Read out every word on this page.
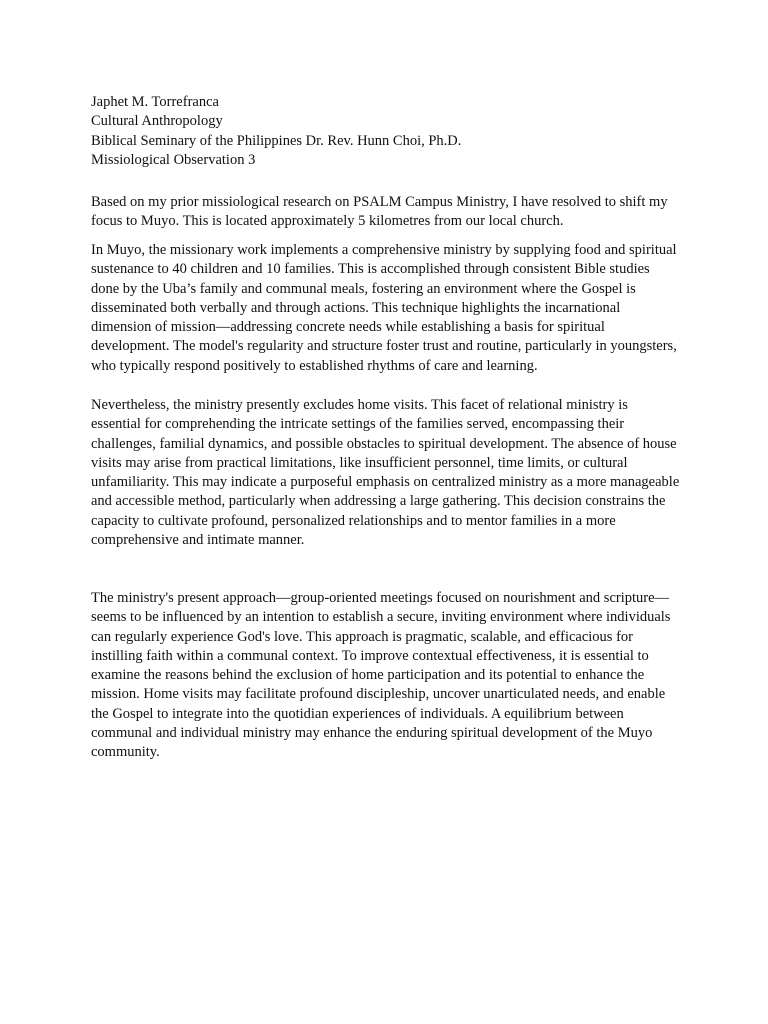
Japhet M. Torrefranca
Cultural Anthropology
Biblical Seminary of the Philippines Dr. Rev. Hunn Choi, Ph.D.
Missiological Observation 3

Based on my prior missiological research on PSALM Campus Ministry, I have resolved to shift my focus to Muyo. This is located approximately 5 kilometres from our local church.

In Muyo, the missionary work implements a comprehensive ministry by supplying food and spiritual sustenance to 40 children and 10 families. This is accomplished through consistent Bible studies done by the Uba’s family and communal meals, fostering an environment where the Gospel is disseminated both verbally and through actions. This technique highlights the incarnational dimension of mission—addressing concrete needs while establishing a basis for spiritual development. The model's regularity and structure foster trust and routine, particularly in youngsters, who typically respond positively to established rhythms of care and learning.

Nevertheless, the ministry presently excludes home visits. This facet of relational ministry is essential for comprehending the intricate settings of the families served, encompassing their challenges, familial dynamics, and possible obstacles to spiritual development. The absence of house visits may arise from practical limitations, like insufficient personnel, time limits, or cultural unfamiliarity. This may indicate a purposeful emphasis on centralized ministry as a more manageable and accessible method, particularly when addressing a large gathering. This decision constrains the capacity to cultivate profound, personalized relationships and to mentor families in a more comprehensive and intimate manner.

The ministry's present approach—group-oriented meetings focused on nourishment and scripture—seems to be influenced by an intention to establish a secure, inviting environment where individuals can regularly experience God's love. This approach is pragmatic, scalable, and efficacious for instilling faith within a communal context. To improve contextual effectiveness, it is essential to examine the reasons behind the exclusion of home participation and its potential to enhance the mission. Home visits may facilitate profound discipleship, uncover unarticulated needs, and enable the Gospel to integrate into the quotidian experiences of individuals. A equilibrium between communal and individual ministry may enhance the enduring spiritual development of the Muyo community.
